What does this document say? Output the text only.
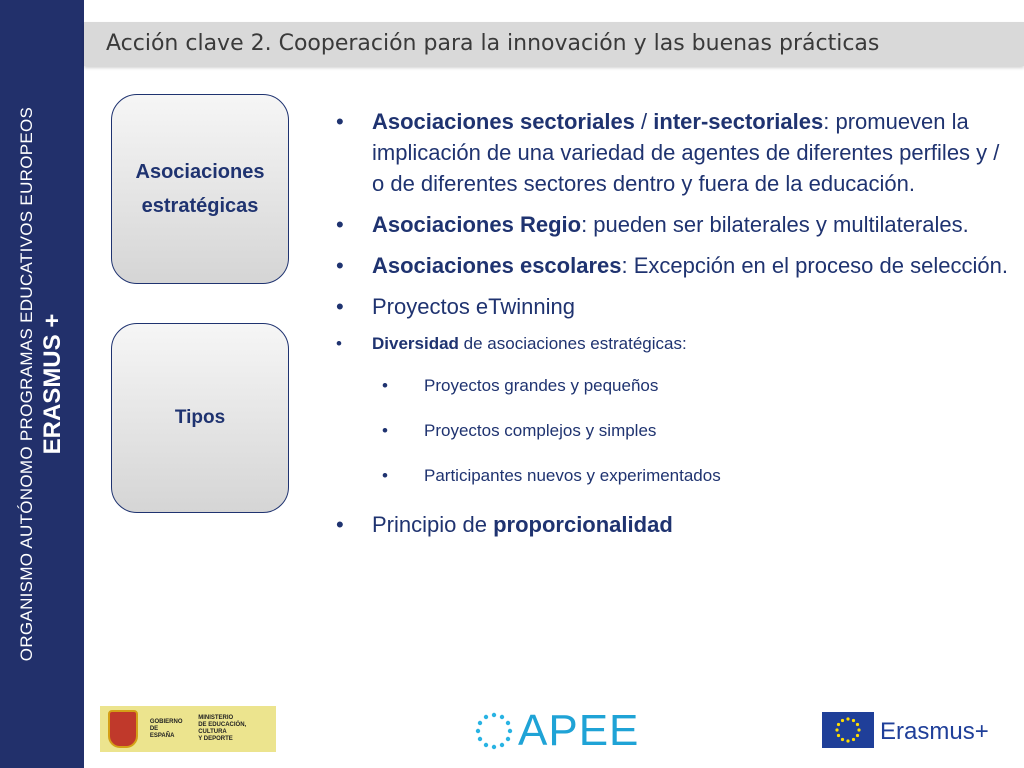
ORGANISMO AUTÓNOMO PROGRAMAS EDUCATIVOS EUROPEOS ERASMUS +
Acción clave 2. Cooperación para la innovación y las buenas prácticas
Asociaciones
estratégicas
Tipos
• Asociaciones sectoriales / inter-sectoriales: promueven la implicación de una variedad de agentes de diferentes perfiles y / o de diferentes sectores dentro y fuera de la educación.
• Asociaciones Regio: pueden ser bilaterales y multilaterales.
• Asociaciones escolares: Excepción en el proceso de selección.
• Proyectos eTwinning
• Diversidad de asociaciones estratégicas:
• Proyectos grandes y pequeños
• Proyectos complejos y simples
• Participantes nuevos y experimentados
• Principio de proporcionalidad
GOBIERNO
DE ESPAÑA
MINISTERIO
DE EDUCACIÓN, CULTURA
Y DEPORTE	APEE	Erasmus+
